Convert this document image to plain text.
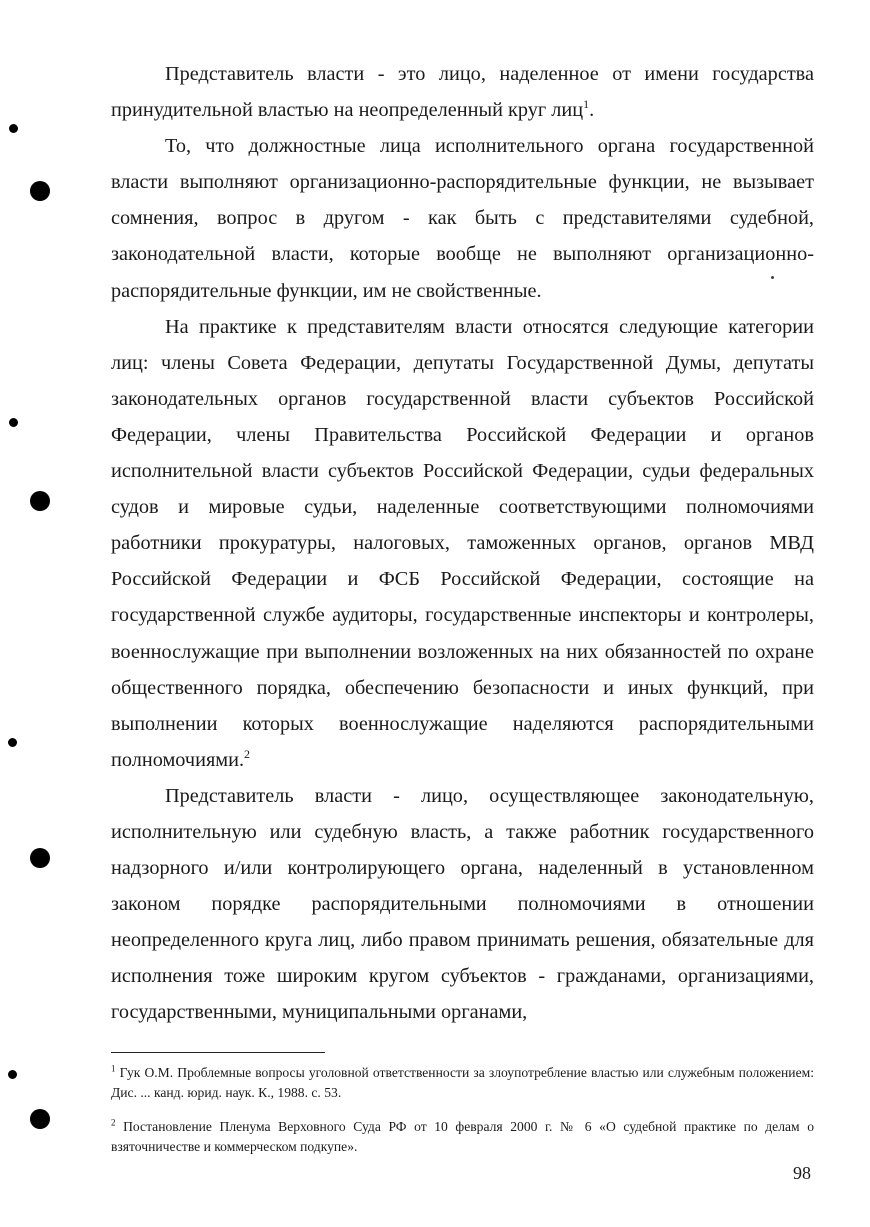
Представитель власти - это лицо, наделенное от имени государства принудительной властью на неопределенный круг лиц$^1$.

То, что должностные лица исполнительного органа государственной власти выполняют организационно-распорядительные функции, не вызывает сомнения, вопрос в другом - как быть с представителями судебной, законодательной власти, которые вообще не выполняют организационно-распорядительные функции, им не свойственные.

На практике к представителям власти относятся следующие категории лиц: члены Совета Федерации, депутаты Государственной Думы, депутаты законодательных органов государственной власти субъектов Российской Федерации, члены Правительства Российской Федерации и органов исполнительной власти субъектов Российской Федерации, судьи федеральных судов и мировые судьи, наделенные соответствующими полномочиями работники прокуратуры, налоговых, таможенных органов, органов МВД Российской Федерации и ФСБ Российской Федерации, состоящие на государственной службе аудиторы, государственные инспекторы и контролеры, военнослужащие при выполнении возложенных на них обязанностей по охране общественного порядка, обеспечению безопасности и иных функций, при выполнении которых военнослужащие наделяются распорядительными полномочиями.$^2$

Представитель власти - лицо, осуществляющее законодательную, исполнительную или судебную власть, а также работник государственного надзорного и/или контролирующего органа, наделенный в установленном законом порядке распорядительными полномочиями в отношении неопределенного круга лиц, либо правом принимать решения, обязательные для исполнения тоже широким кругом субъектов - гражданами, организациями, государственными, муниципальными органами,

$^1$ Гук О.М. Проблемные вопросы уголовной ответственности за злоупотребление властью или служебным положением: Дис. ... канд. юрид. наук. К., 1988. с. 53.

$^2$ Постановление Пленума Верховного Суда РФ от 10 февраля 2000 г. № 6 «О судебной практике по делам о взяточничестве и коммерческом подкупе».

98
